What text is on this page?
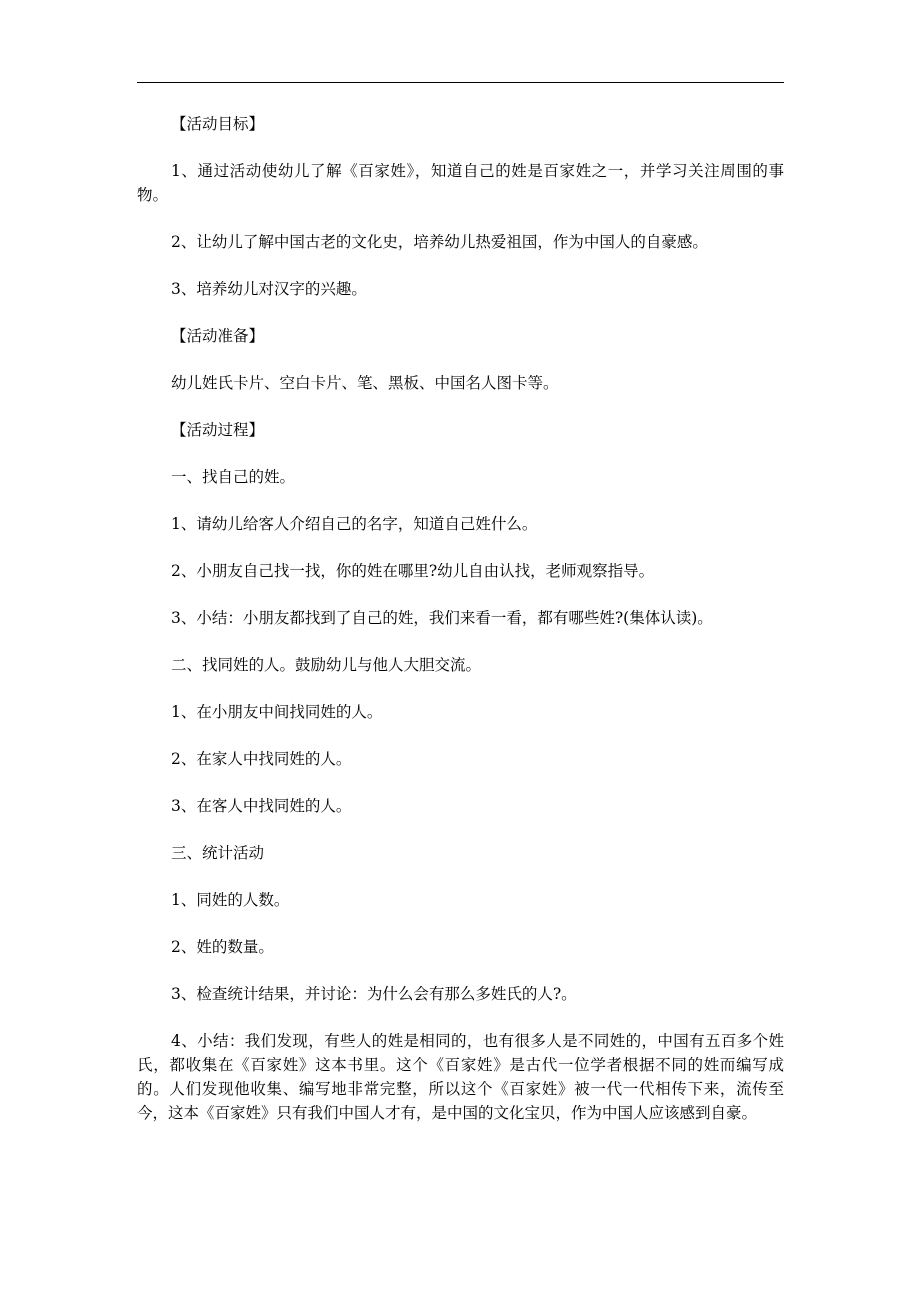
【活动目标】

1、通过活动使幼儿了解《百家姓》，知道自己的姓是百家姓之一，并学习关注周围的事物。

2、让幼儿了解中国古老的文化史，培养幼儿热爱祖国，作为中国人的自豪感。

3、培养幼儿对汉字的兴趣。

【活动准备】

幼儿姓氏卡片、空白卡片、笔、黑板、中国名人图卡等。

【活动过程】

一、找自己的姓。

1、请幼儿给客人介绍自己的名字，知道自己姓什么。

2、小朋友自己找一找，你的姓在哪里?幼儿自由认找，老师观察指导。

3、小结：小朋友都找到了自己的姓，我们来看一看，都有哪些姓?(集体认读)。

二、找同姓的人。鼓励幼儿与他人大胆交流。

1、在小朋友中间找同姓的人。

2、在家人中找同姓的人。

3、在客人中找同姓的人。

三、统计活动

1、同姓的人数。

2、姓的数量。

3、检查统计结果，并讨论：为什么会有那么多姓氏的人?。

4、小结：我们发现，有些人的姓是相同的，也有很多人是不同姓的，中国有五百多个姓氏，都收集在《百家姓》这本书里。这个《百家姓》是古代一位学者根据不同的姓而编写成的。人们发现他收集、编写地非常完整，所以这个《百家姓》被一代一代相传下来，流传至今，这本《百家姓》只有我们中国人才有，是中国的文化宝贝，作为中国人应该感到自豪。
